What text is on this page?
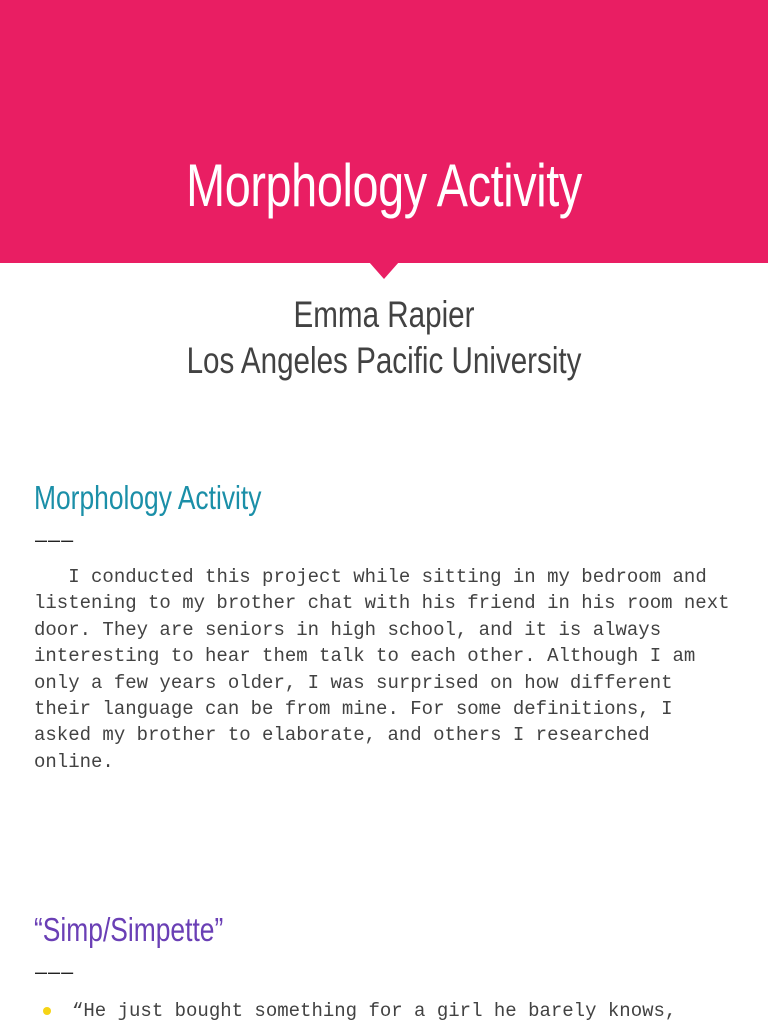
Morphology Activity
Emma Rapier
Los Angeles Pacific University
Morphology Activity
———
I conducted this project while sitting in my bedroom and
listening to my brother chat with his friend in his room next
door. They are seniors in high school, and it is always
interesting to hear them talk to each other. Although I am
only a few years older, I was surprised on how different
their language can be from mine. For some definitions, I
asked my brother to elaborate, and others I researched
online.
“Simp/Simpette”
———
“He just bought something for a girl he barely knows,
